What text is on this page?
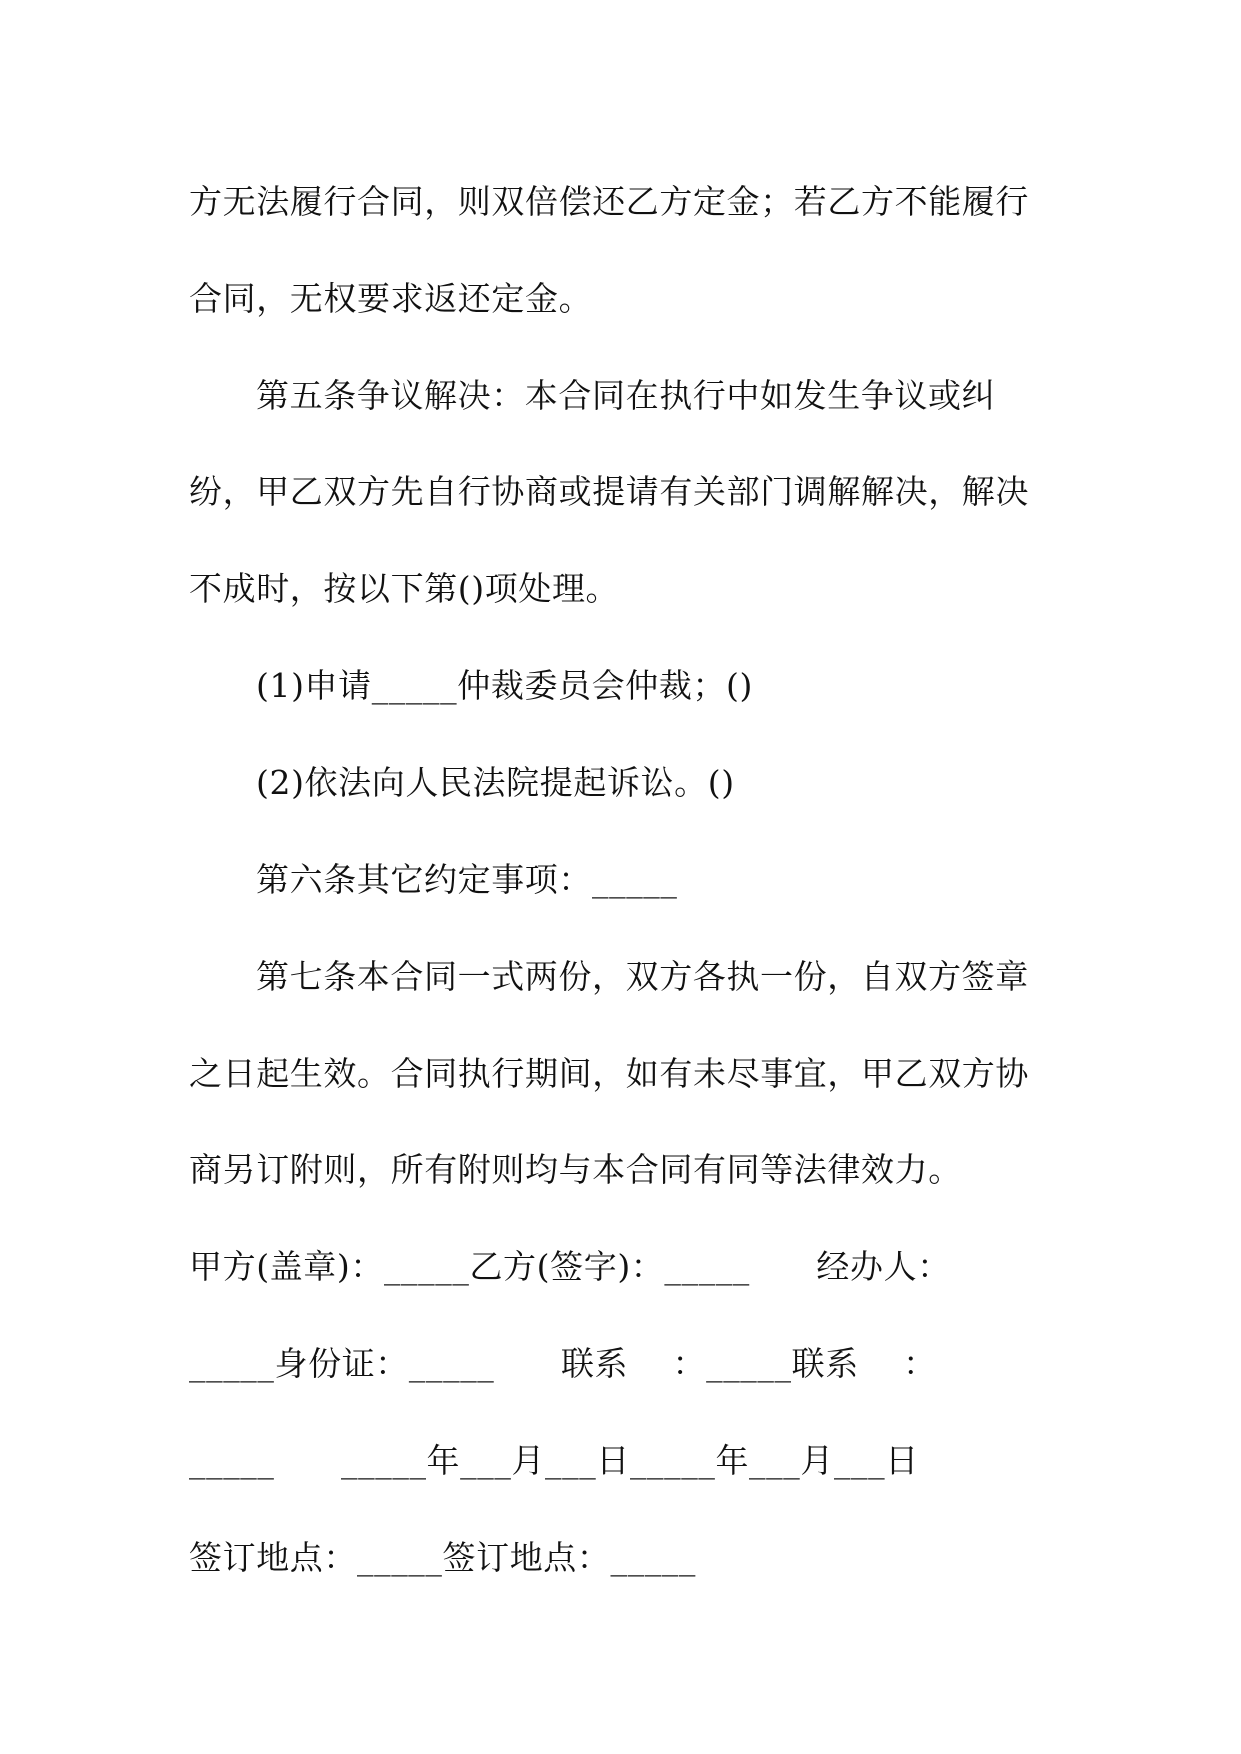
方无法履行合同，则双倍偿还乙方定金；若乙方不能履行
合同，无权要求返还定金。
第五条争议解决：本合同在执行中如发生争议或纠
纷，甲乙双方先自行协商或提请有关部门调解解决，解决
不成时，按以下第()项处理。
(1)申请_____仲裁委员会仲裁；()
(2)依法向人民法院提起诉讼。()
第六条其它约定事项：_____
第七条本合同一式两份，双方各执一份，自双方签章
之日起生效。合同执行期间，如有未尽事宜，甲乙双方协
商另订附则，所有附则均与本合同有同等法律效力。
甲方(盖章)：_____乙方(签字)：_____      经办人：
_____身份证：_____      联系    ：_____联系    ：
_____      _____年___月___日_____年___月___日
签订地点：_____签订地点：_____
